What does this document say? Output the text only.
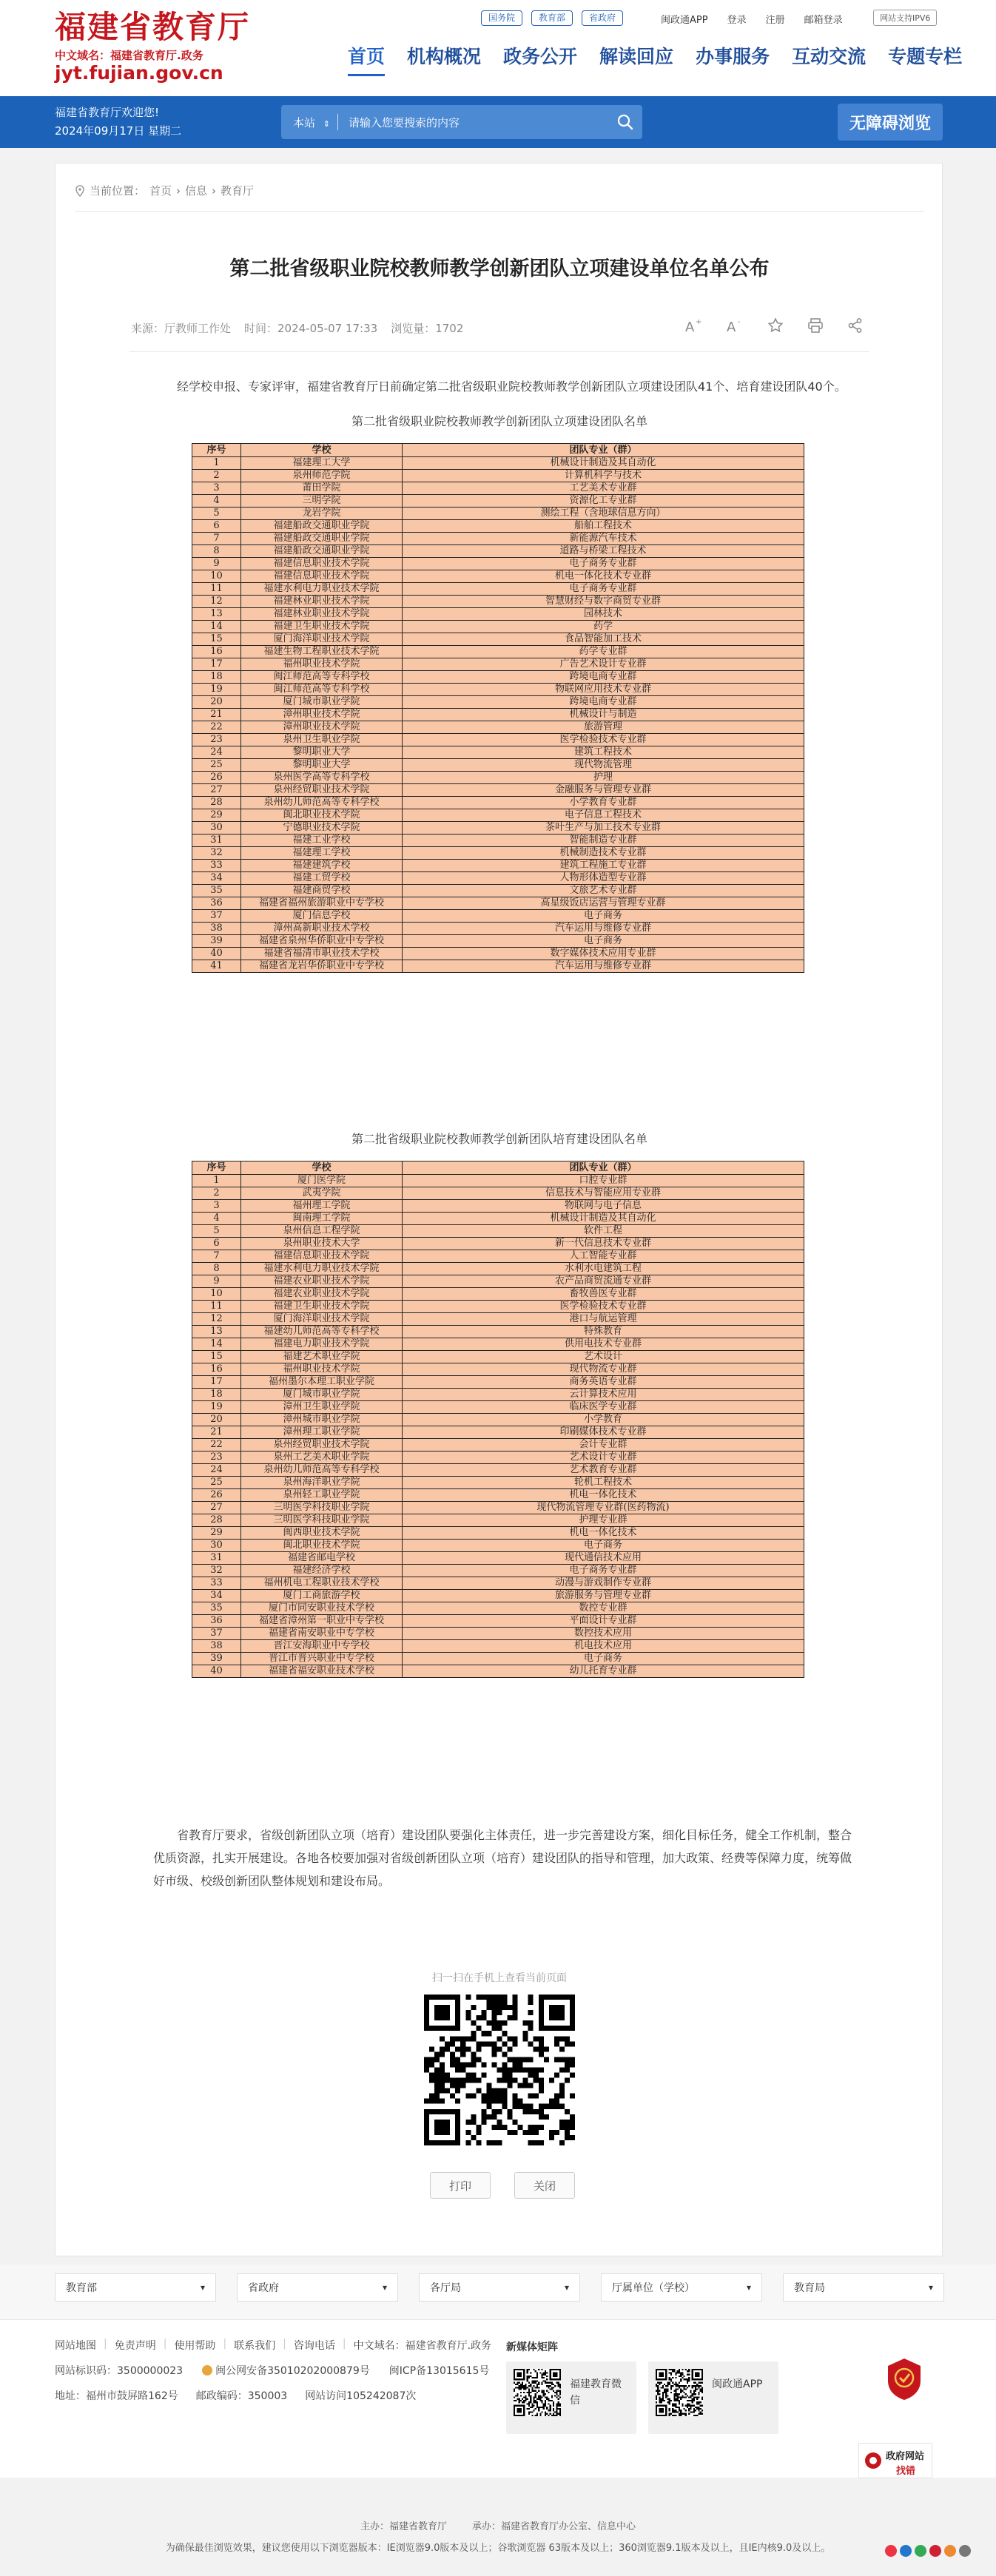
福建省教育厅
中文域名：福建省教育厅.政务
jyt.fujian.gov.cn
国务院	教育部	省政府	闽政通APP 登录 注册 邮箱登录	网站支持IPV6
首页 机构概况 政务公开 解读回应 办事服务 互动交流 专题专栏
福建省教育厅欢迎您!
2024年09月17日 星期二
本站 ⇕	请输入您要搜索的内容	无障碍浏览
当前位置： 首页 › 信息 › 教育厅
第二批省级职业院校教师教学创新团队立项建设单位名单公布
来源：厅教师工作处 时间：2024-05-07 17:33 浏览量：1702	A + A -
经学校申报、专家评审，福建省教育厅日前确定第二批省级职业院校教师教学创新团队立项建设团队41个、培育建设团队40个。
第二批省级职业院校教师教学创新团队立项建设团队名单
序号	学校	团队专业（群）
1	福建理工大学	机械设计制造及其自动化
2	泉州师范学院	计算机科学与技术
3	莆田学院	工艺美术专业群
4	三明学院	资源化工专业群
5	龙岩学院	测绘工程（含地球信息方向）
6	福建船政交通职业学院	船舶工程技术
7	福建船政交通职业学院	新能源汽车技术
8	福建船政交通职业学院	道路与桥梁工程技术
9	福建信息职业技术学院	电子商务专业群
10	福建信息职业技术学院	机电一体化技术专业群
11	福建水利电力职业技术学院	电子商务专业群
12	福建林业职业技术学院	智慧财经与数字商贸专业群
13	福建林业职业技术学院	园林技术
14	福建卫生职业技术学院	药学
15	厦门海洋职业技术学院	食品智能加工技术
16	福建生物工程职业技术学院	药学专业群
17	福州职业技术学院	广告艺术设计专业群
18	闽江师范高等专科学校	跨境电商专业群
19	闽江师范高等专科学校	物联网应用技术专业群
20	厦门城市职业学院	跨境电商专业群
21	漳州职业技术学院	机械设计与制造
22	漳州职业技术学院	旅游管理
23	泉州卫生职业学院	医学检验技术专业群
24	黎明职业大学	建筑工程技术
25	黎明职业大学	现代物流管理
26	泉州医学高等专科学校	护理
27	泉州经贸职业技术学院	金融服务与管理专业群
28	泉州幼儿师范高等专科学校	小学教育专业群
29	闽北职业技术学院	电子信息工程技术
30	宁德职业技术学院	茶叶生产与加工技术专业群
31	福建工业学校	智能制造专业群
32	福建理工学校	机械制造技术专业群
33	福建建筑学校	建筑工程施工专业群
34	福建工贸学校	人物形体造型专业群
35	福建商贸学校	文旅艺术专业群
36	福建省福州旅游职业中专学校	高星级饭店运营与管理专业群
37	厦门信息学校	电子商务
38	漳州高新职业技术学校	汽车运用与维修专业群
39	福建省泉州华侨职业中专学校	电子商务
40	福建省福清市职业技术学校	数字媒体技术应用专业群
41	福建省龙岩华侨职业中专学校	汽车运用与维修专业群
第二批省级职业院校教师教学创新团队培育建设团队名单
序号	学校	团队专业（群）
1	厦门医学院	口腔专业群
2	武夷学院	信息技术与智能应用专业群
3	福州理工学院	物联网与电子信息
4	闽南理工学院	机械设计制造及其自动化
5	泉州信息工程学院	软件工程
6	泉州职业技术大学	新一代信息技术专业群
7	福建信息职业技术学院	人工智能专业群
8	福建水利电力职业技术学院	水利水电建筑工程
9	福建农业职业技术学院	农产品商贸流通专业群
10	福建农业职业技术学院	畜牧兽医专业群
11	福建卫生职业技术学院	医学检验技术专业群
12	厦门海洋职业技术学院	港口与航运管理
13	福建幼儿师范高等专科学校	特殊教育
14	福建电力职业技术学院	供用电技术专业群
15	福建艺术职业学院	艺术设计
16	福州职业技术学院	现代物流专业群
17	福州墨尔本理工职业学院	商务英语专业群
18	厦门城市职业学院	云计算技术应用
19	漳州卫生职业学院	临床医学专业群
20	漳州城市职业学院	小学教育
21	漳州理工职业学院	印刷媒体技术专业群
22	泉州经贸职业技术学院	会计专业群
23	泉州工艺美术职业学院	艺术设计专业群
24	泉州幼儿师范高等专科学校	艺术教育专业群
25	泉州海洋职业学院	轮机工程技术
26	泉州轻工职业学院	机电一体化技术
27	三明医学科技职业学院	现代物流管理专业群(医药物流)
28	三明医学科技职业学院	护理专业群
29	闽西职业技术学院	机电一体化技术
30	闽北职业技术学院	电子商务
31	福建省邮电学校	现代通信技术应用
32	福建经济学校	电子商务专业群
33	福州机电工程职业技术学校	动漫与游戏制作专业群
34	厦门工商旅游学校	旅游服务与管理专业群
35	厦门市同安职业技术学校	数控专业群
36	福建省漳州第一职业中专学校	平面设计专业群
37	福建省南安职业中专学校	数控技术应用
38	晋江安海职业中专学校	机电技术应用
39	晋江市晋兴职业中专学校	电子商务
40	福建省福安职业技术学校	幼儿托育专业群
省教育厅要求，省级创新团队立项（培育）建设团队要强化主体责任，进一步完善建设方案，细化目标任务，健全工作机制，整合优质资源，扎实开展建设。各地各校要加强对省级创新团队立项（培育）建设团队的指导和管理，加大政策、经费等保障力度，统筹做好市级、校级创新团队整体规划和建设布局。
扫一扫在手机上查看当前页面
打印	关闭
教育部	▾	省政府	▾	各厅局	▾	厅属单位（学校）	▾	教育局	▾
网站地图 | 免责声明 | 使用帮助 | 联系我们 | 咨询电话 | 中文域名：福建省教育厅.政务
网站标识码：3500000023	闽公网安备35010202000879号 闽ICP备13015615号
地址：福州市鼓屏路162号 邮政编码：350003 网站访问105242087次
新媒体矩阵
福建教育微信
闽政通APP
政府网站
找错
主办：福建省教育厅	承办：福建省教育厅办公室、信息中心
为确保最佳浏览效果，建议您使用以下浏览器版本：IE浏览器9.0版本及以上；谷歌浏览器 63版本及以上；360浏览器9.1版本及以上，且IE内核9.0及以上。
